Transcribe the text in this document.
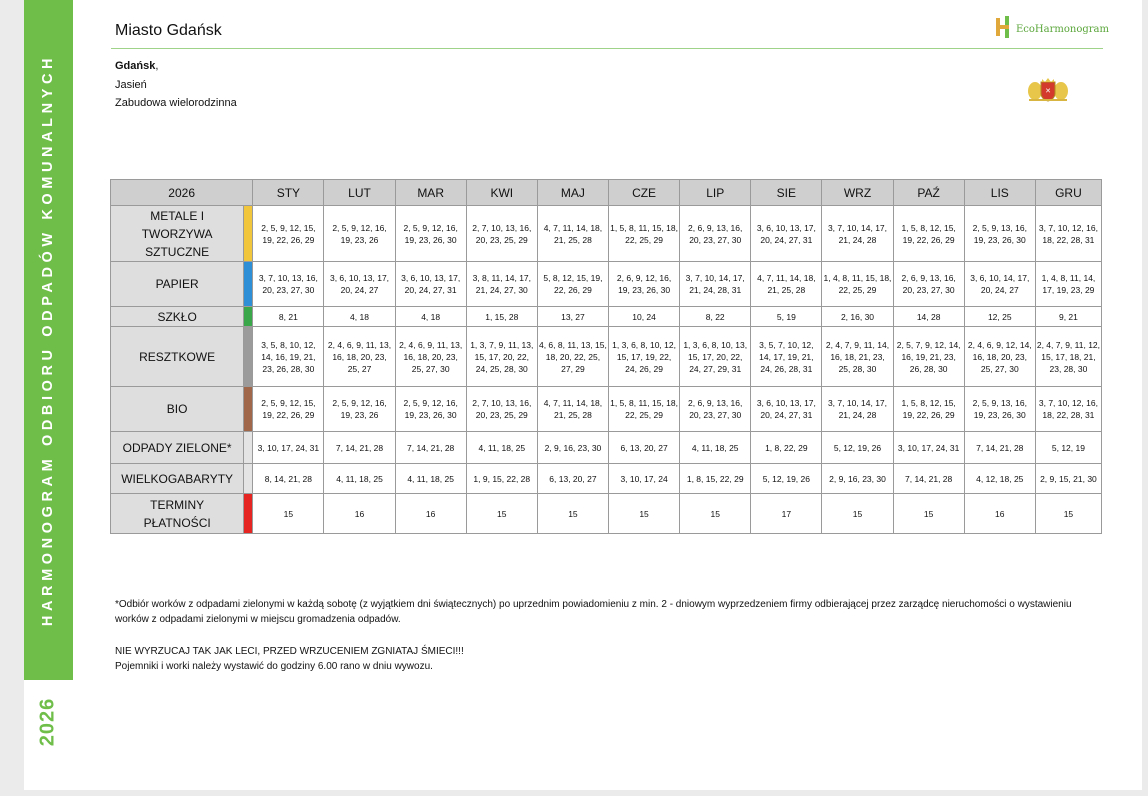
HARMONOGRAM ODBIORU ODPADÓW KOMUNALNYCH
2026
Miasto Gdańsk	EcoHarmonogram
Gdańsk,
Jasień
Zabudowa wielorodzinna
✕
2026		STY	LUT	MAR	KWI	MAJ	CZE	LIP	SIE	WRZ	PAŹ	LIS	GRU
METALE I TWORZYWA SZTUCZNE		2, 5, 9, 12, 15, 19, 22, 26, 29	2, 5, 9, 12, 16, 19, 23, 26	2, 5, 9, 12, 16, 19, 23, 26, 30	2, 7, 10, 13, 16, 20, 23, 25, 29	4, 7, 11, 14, 18, 21, 25, 28	1, 5, 8, 11, 15, 18, 22, 25, 29	2, 6, 9, 13, 16, 20, 23, 27, 30	3, 6, 10, 13, 17, 20, 24, 27, 31	3, 7, 10, 14, 17, 21, 24, 28	1, 5, 8, 12, 15, 19, 22, 26, 29	2, 5, 9, 13, 16, 19, 23, 26, 30	3, 7, 10, 12, 16, 18, 22, 28, 31
PAPIER		3, 7, 10, 13, 16, 20, 23, 27, 30	3, 6, 10, 13, 17, 20, 24, 27	3, 6, 10, 13, 17, 20, 24, 27, 31	3, 8, 11, 14, 17, 21, 24, 27, 30	5, 8, 12, 15, 19, 22, 26, 29	2, 6, 9, 12, 16, 19, 23, 26, 30	3, 7, 10, 14, 17, 21, 24, 28, 31	4, 7, 11, 14, 18, 21, 25, 28	1, 4, 8, 11, 15, 18, 22, 25, 29	2, 6, 9, 13, 16, 20, 23, 27, 30	3, 6, 10, 14, 17, 20, 24, 27	1, 4, 8, 11, 14, 17, 19, 23, 29
SZKŁO		8, 21	4, 18	4, 18	1, 15, 28	13, 27	10, 24	8, 22	5, 19	2, 16, 30	14, 28	12, 25	9, 21
RESZTKOWE		3, 5, 8, 10, 12, 14, 16, 19, 21, 23, 26, 28, 30	2, 4, 6, 9, 11, 13, 16, 18, 20, 23, 25, 27	2, 4, 6, 9, 11, 13, 16, 18, 20, 23, 25, 27, 30	1, 3, 7, 9, 11, 13, 15, 17, 20, 22, 24, 25, 28, 30	4, 6, 8, 11, 13, 15, 18, 20, 22, 25, 27, 29	1, 3, 6, 8, 10, 12, 15, 17, 19, 22, 24, 26, 29	1, 3, 6, 8, 10, 13, 15, 17, 20, 22, 24, 27, 29, 31	3, 5, 7, 10, 12, 14, 17, 19, 21, 24, 26, 28, 31	2, 4, 7, 9, 11, 14, 16, 18, 21, 23, 25, 28, 30	2, 5, 7, 9, 12, 14, 16, 19, 21, 23, 26, 28, 30	2, 4, 6, 9, 12, 14, 16, 18, 20, 23, 25, 27, 30	2, 4, 7, 9, 11, 12, 15, 17, 18, 21, 23, 28, 30
BIO		2, 5, 9, 12, 15, 19, 22, 26, 29	2, 5, 9, 12, 16, 19, 23, 26	2, 5, 9, 12, 16, 19, 23, 26, 30	2, 7, 10, 13, 16, 20, 23, 25, 29	4, 7, 11, 14, 18, 21, 25, 28	1, 5, 8, 11, 15, 18, 22, 25, 29	2, 6, 9, 13, 16, 20, 23, 27, 30	3, 6, 10, 13, 17, 20, 24, 27, 31	3, 7, 10, 14, 17, 21, 24, 28	1, 5, 8, 12, 15, 19, 22, 26, 29	2, 5, 9, 13, 16, 19, 23, 26, 30	3, 7, 10, 12, 16, 18, 22, 28, 31
ODPADY ZIELONE*		3, 10, 17, 24, 31	7, 14, 21, 28	7, 14, 21, 28	4, 11, 18, 25	2, 9, 16, 23, 30	6, 13, 20, 27	4, 11, 18, 25	1, 8, 22, 29	5, 12, 19, 26	3, 10, 17, 24, 31	7, 14, 21, 28	5, 12, 19
WIELKOGABARYTY		8, 14, 21, 28	4, 11, 18, 25	4, 11, 18, 25	1, 9, 15, 22, 28	6, 13, 20, 27	3, 10, 17, 24	1, 8, 15, 22, 29	5, 12, 19, 26	2, 9, 16, 23, 30	7, 14, 21, 28	4, 12, 18, 25	2, 9, 15, 21, 30
TERMINY PŁATNOŚCI		15	16	16	15	15	15	15	17	15	15	16	15
*Odbiór worków z odpadami zielonymi w każdą sobotę (z wyjątkiem dni świątecznych) po uprzednim powiadomieniu z min. 2 - dniowym wyprzedzeniem firmy odbierającej przez zarządcę nieruchomości o wystawieniu worków z odpadami zielonymi w miejscu gromadzenia odpadów.
NIE WYRZUCAJ TAK JAK LECI, PRZED WRZUCENIEM ZGNIATAJ ŚMIECI!!!
Pojemniki i worki należy wystawić do godziny 6.00 rano w dniu wywozu.
